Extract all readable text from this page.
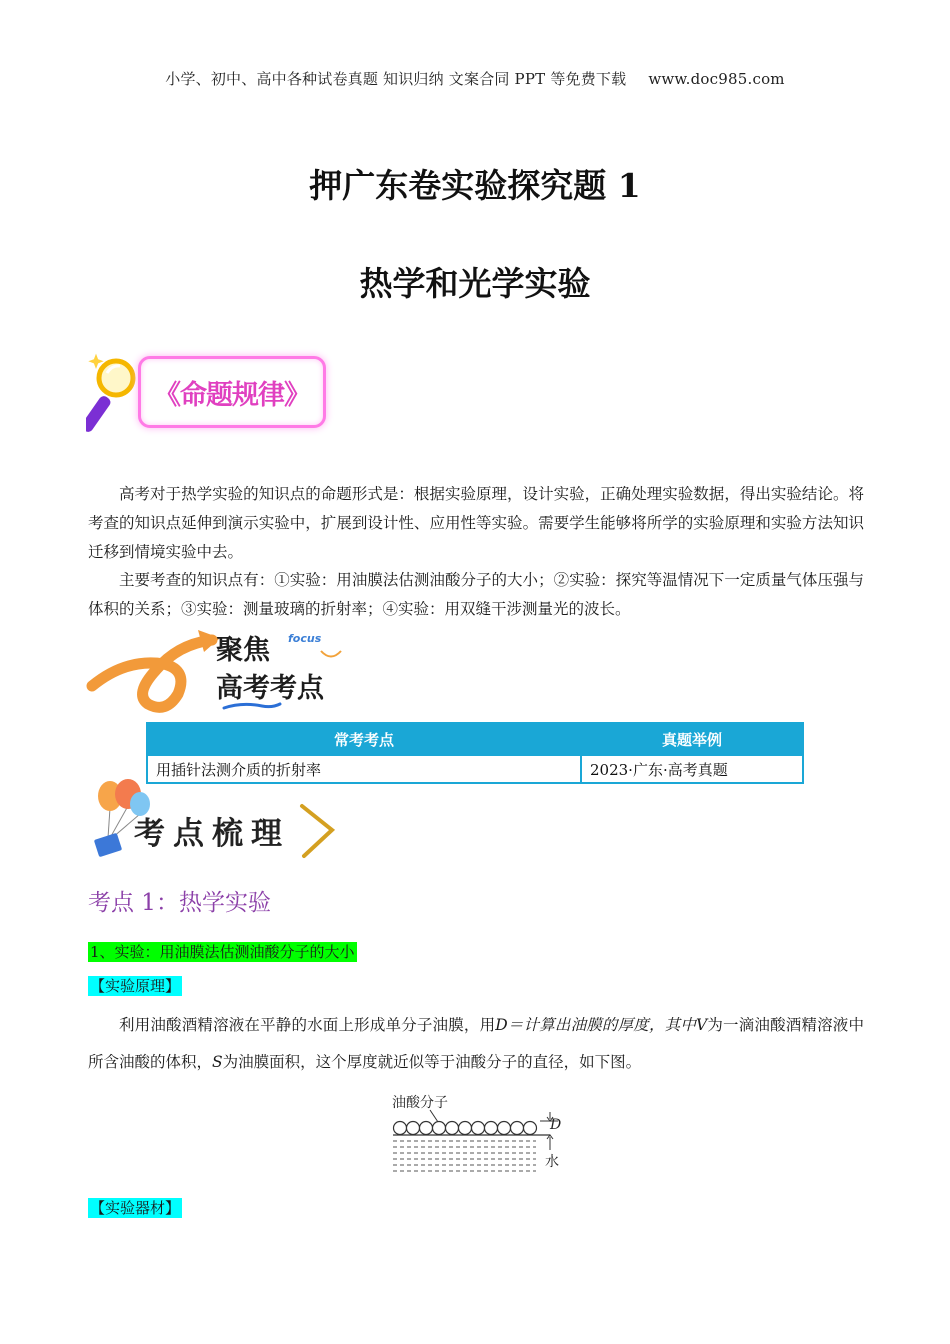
小学、初中、高中各种试卷真题 知识归纳 文案合同 PPT 等免费下载 www.doc985.com
押广东卷实验探究题 1
热学和光学实验
《命题规律》
高考对于热学实验的知识点的命题形式是：根据实验原理，设计实验，正确处理实验数据，得出实验结论。将考查的知识点延伸到演示实验中，扩展到设计性、应用性等实验。需要学生能够将所学的实验原理和实验方法知识迁移到情境实验中去。
主要考查的知识点有：①实验：用油膜法估测油酸分子的大小；②实验：探究等温情况下一定质量气体压强与体积的关系；③实验：测量玻璃的折射率；④实验：用双缝干涉测量光的波长。
聚焦 focus
高考考点
常考考点	真题举例
用插针法测介质的折射率	2023·广东·高考真题
考点梳理
考点 1：热学实验
1、实验：用油膜法估测油酸分子的大小
【实验原理】
利用油酸酒精溶液在平静的水面上形成单分子油膜，用D＝计算出油膜的厚度，其中V为一滴油酸酒精溶液中所含油酸的体积，S为油膜面积，这个厚度就近似等于油酸分子的直径，如下图。
油酸分子
D
水
【实验器材】
